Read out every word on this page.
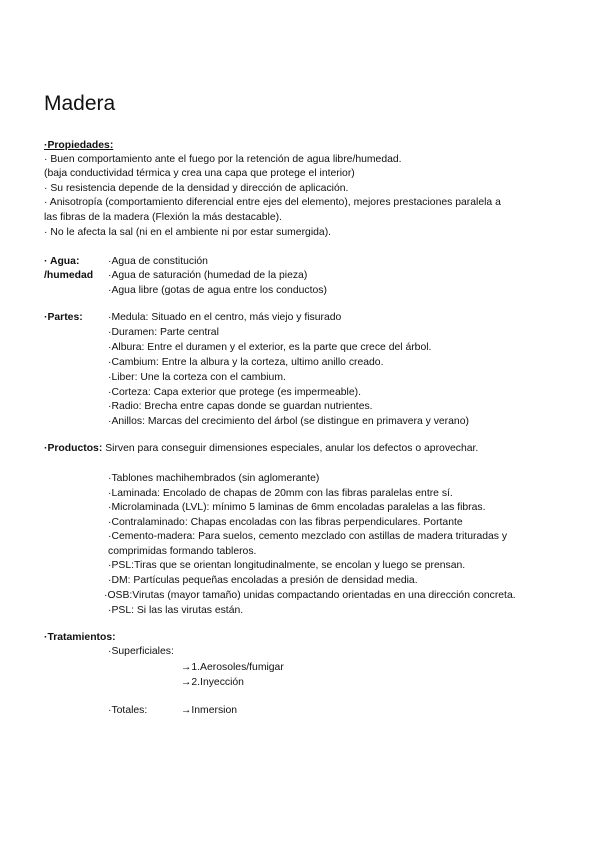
Madera
·Propiedades:
· Buen comportamiento ante el fuego por la retención de agua libre/humedad.
(baja conductividad térmica y crea una capa que protege el interior)
· Su resistencia depende de la densidad y dirección de aplicación.
· Anisotropía (comportamiento diferencial entre ejes del elemento), mejores prestaciones paralela a
las fibras de la madera (Flexión la más destacable).
· No le afecta la sal (ni en el ambiente ni por estar sumergida).
· Agua:
/humedad
·Agua de constitución
·Agua de saturación (humedad de la pieza)
·Agua libre (gotas de agua entre los conductos)
·Partes: ·Medula: Situado en el centro, más viejo y fisurado
·Duramen: Parte central
·Albura: Entre el duramen y el exterior, es la parte que crece del árbol.
·Cambium: Entre la albura y la corteza, ultimo anillo creado.
·Liber: Une la corteza con el cambium.
·Corteza: Capa exterior que protege (es impermeable).
·Radio: Brecha entre capas donde se guardan nutrientes.
·Anillos: Marcas del crecimiento del árbol (se distingue en primavera y verano)
·Productos: Sirven para conseguir dimensiones especiales, anular los defectos o aprovechar.
·Tablones machihembrados (sin aglomerante)
·Laminada: Encolado de chapas de 20mm con las fibras paralelas entre sí.
·Microlaminada (LVL): mínimo 5 laminas de 6mm encoladas paralelas a las fibras.
·Contralaminado: Chapas encoladas con las fibras perpendiculares. Portante
·Cemento-madera: Para suelos, cemento mezclado con astillas de madera trituradas y
comprimidas formando tableros.
·PSL:Tiras que se orientan longitudinalmente, se encolan y luego se prensan.
·DM: Partículas pequeñas encoladas a presión de densidad media.
·OSB:Virutas (mayor tamaño) unidas compactando orientadas en una dirección concreta.
·PSL: Si las las virutas están.
·Tratamientos:
·Superficiales:
→1.Aerosoles/fumigar
→2.Inyección
·Totales:	→Inmersion
